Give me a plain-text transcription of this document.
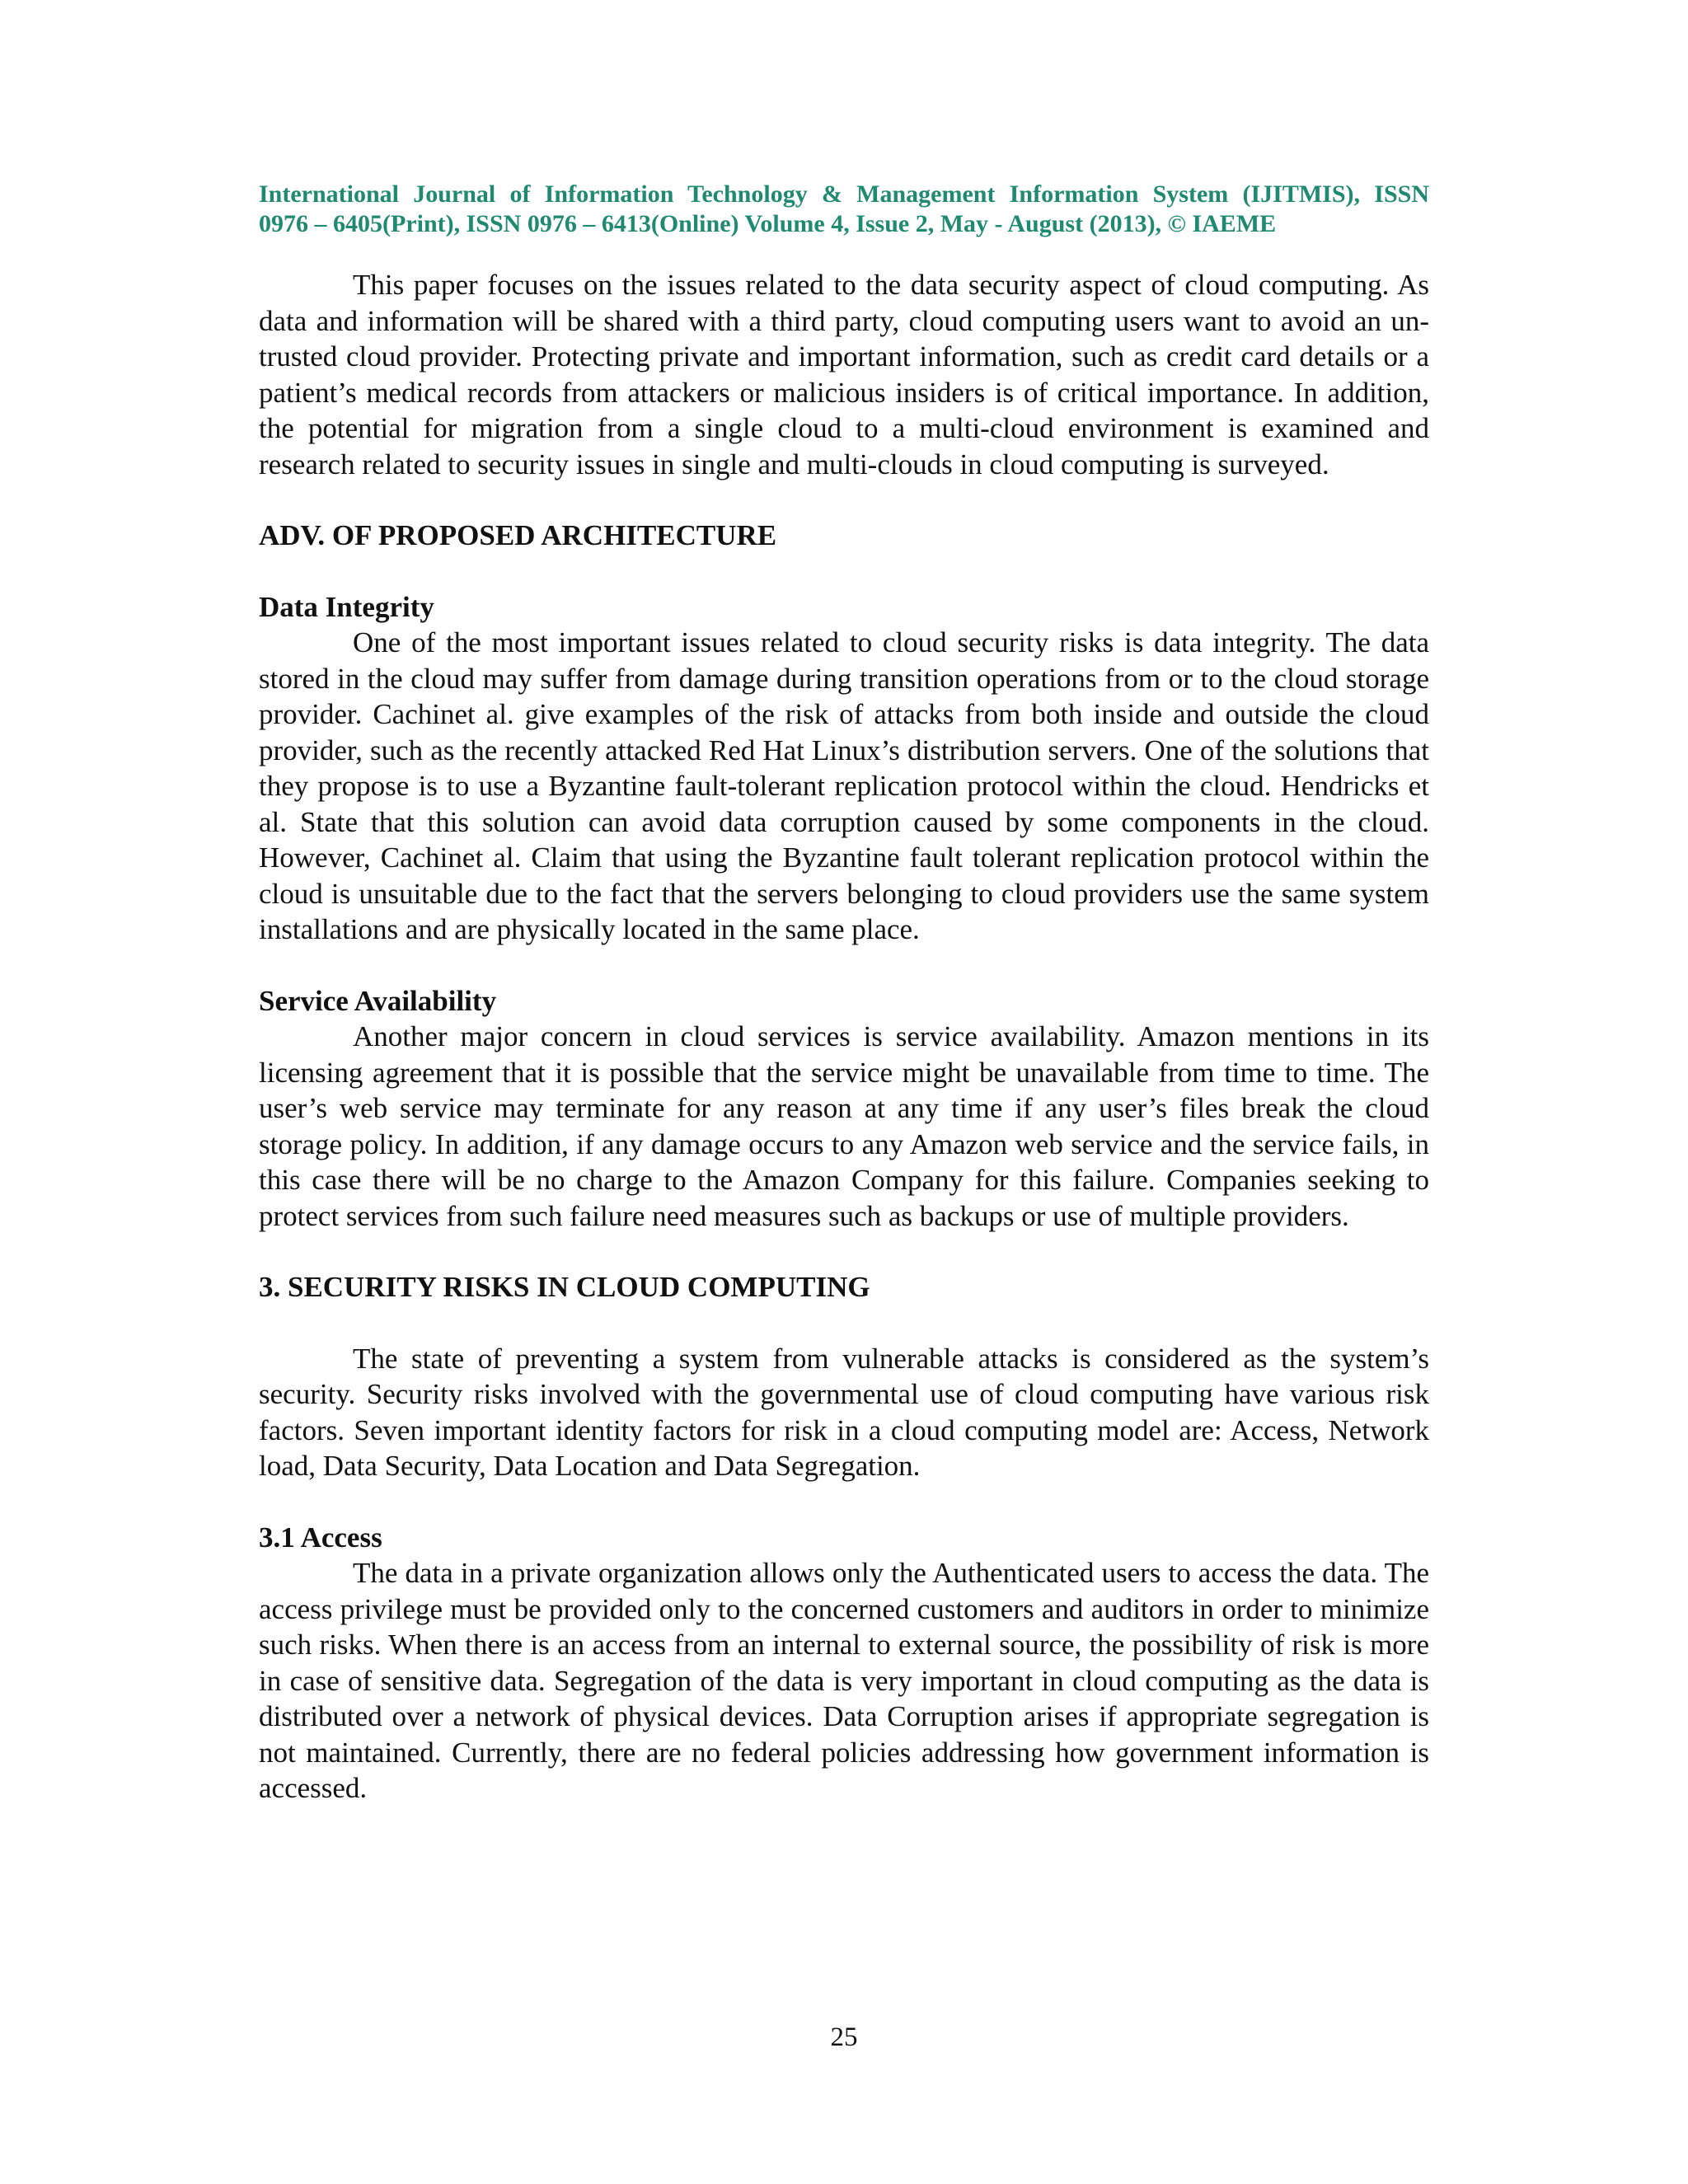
International Journal of Information Technology & Management Information System (IJITMIS), ISSN
0976 – 6405(Print), ISSN 0976 – 6413(Online) Volume 4, Issue 2, May - August (2013), © IAEME

This paper focuses on the issues related to the data security aspect of cloud computing. As data and information will be shared with a third party, cloud computing users want to avoid an un-trusted cloud provider. Protecting private and important information, such as credit card details or a patient’s medical records from attackers or malicious insiders is of critical importance. In addition, the potential for migration from a single cloud to a multi-cloud environment is examined and research related to security issues in single and multi-clouds in cloud computing is surveyed.

ADV. OF PROPOSED ARCHITECTURE
Data Integrity

One of the most important issues related to cloud security risks is data integrity. The data stored in the cloud may suffer from damage during transition operations from or to the cloud storage provider. Cachinet al. give examples of the risk of attacks from both inside and outside the cloud provider, such as the recently attacked Red Hat Linux’s distribution servers. One of the solutions that they propose is to use a Byzantine fault-tolerant replication protocol within the cloud. Hendricks et al. State that this solution can avoid data corruption caused by some components in the cloud. However, Cachinet al. Claim that using the Byzantine fault tolerant replication protocol within the cloud is unsuitable due to the fact that the servers belonging to cloud providers use the same system installations and are physically located in the same place.

Service Availability

Another major concern in cloud services is service availability. Amazon mentions in its licensing agreement that it is possible that the service might be unavailable from time to time. The user’s web service may terminate for any reason at any time if any user’s files break the cloud storage policy. In addition, if any damage occurs to any Amazon web service and the service fails, in this case there will be no charge to the Amazon Company for this failure. Companies seeking to protect services from such failure need measures such as backups or use of multiple providers.

3. SECURITY RISKS IN CLOUD COMPUTING

The state of preventing a system from vulnerable attacks is considered as the system’s security. Security risks involved with the governmental use of cloud computing have various risk factors. Seven important identity factors for risk in a cloud computing model are: Access, Network load, Data Security, Data Location and Data Segregation.

3.1 Access

The data in a private organization allows only the Authenticated users to access the data. The access privilege must be provided only to the concerned customers and auditors in order to minimize such risks. When there is an access from an internal to external source, the possibility of risk is more in case of sensitive data. Segregation of the data is very important in cloud computing as the data is distributed over a network of physical devices. Data Corruption arises if appropriate segregation is not maintained. Currently, there are no federal policies addressing how government information is accessed.

25
